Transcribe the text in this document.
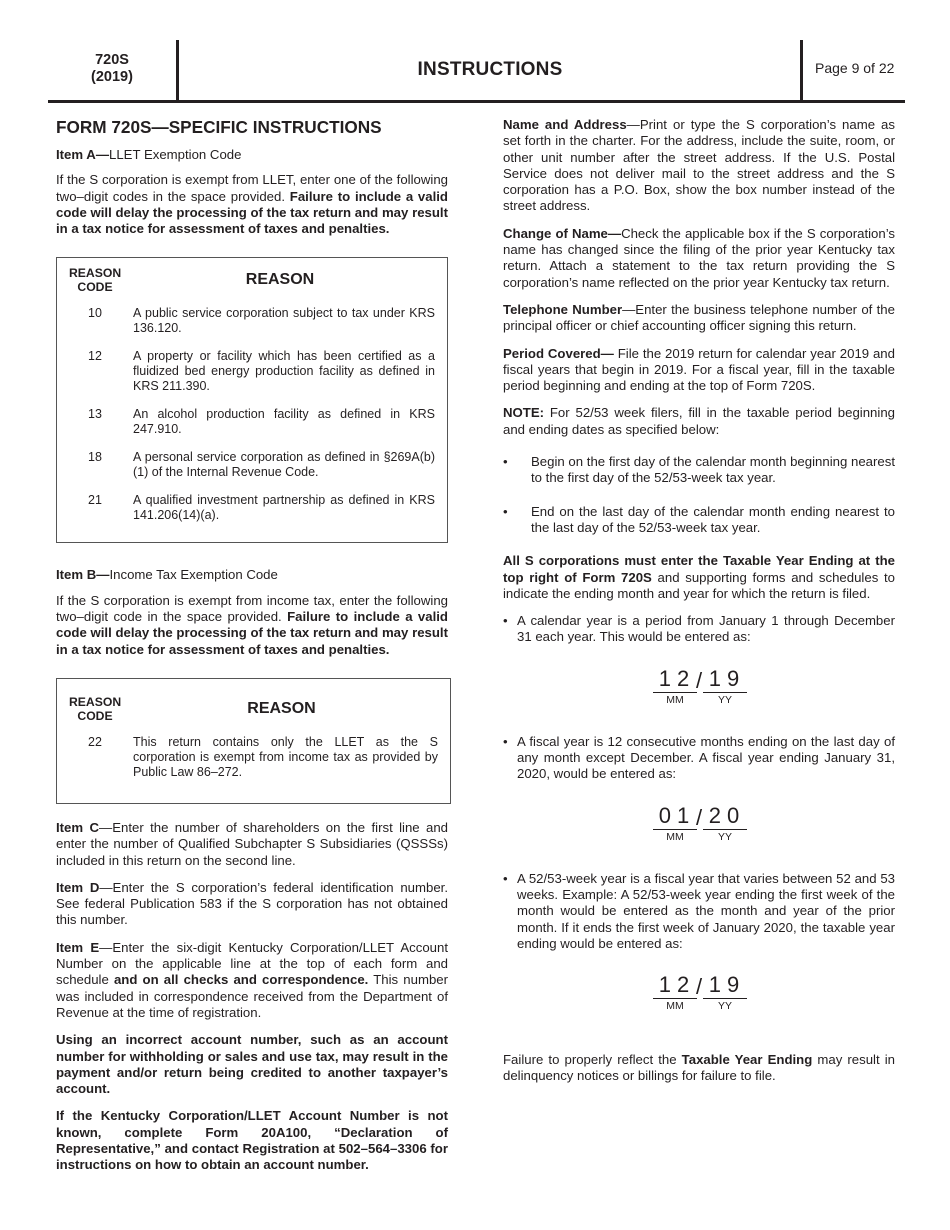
720S
(2019)	INSTRUCTIONS	Page 9 of 22
FORM 720S—SPECIFIC INSTRUCTIONS

Item A—LLET Exemption Code

If the S corporation is exempt from LLET, enter one of the following two–digit codes in the space provided. Failure to include a valid code will delay the processing of the tax return and may result in a tax notice for assessment of taxes and penalties.

REASON CODE	REASON
10	A public service corporation subject to tax under KRS 136.120.
12	A property or facility which has been certified as a fluidized bed energy production facility as defined in KRS 211.390.
13	An alcohol production facility as defined in KRS 247.910.
18	A personal service corporation as defined in §269A(b)(1) of the Internal Revenue Code.
21	A qualified investment partnership as defined in KRS 141.206(14)(a).

Item B—Income Tax Exemption Code

If the S corporation is exempt from income tax, enter the following two–digit code in the space provided. Failure to include a valid code will delay the processing of the tax return and may result in a tax notice for assessment of taxes and penalties.

REASON CODE	REASON
22	This return contains only the LLET as the S corporation is exempt from income tax as provided by Public Law 86–272.

Item C—Enter the number of shareholders on the first line and enter the number of Qualified Subchapter S Subsidiaries (QSSSs) included in this return on the second line.

Item D—Enter the S corporation’s federal identification number. See federal Publication 583 if the S corporation has not obtained this number.

Item E—Enter the six-digit Kentucky Corporation/LLET Account Number on the applicable line at the top of each form and schedule and on all checks and correspondence. This number was included in correspondence received from the Department of Revenue at the time of registration.

Using an incorrect account number, such as an account number for withholding or sales and use tax, may result in the payment and/or return being credited to another taxpayer’s account.

If the Kentucky Corporation/LLET Account Number is not known, complete Form 20A100, “Declaration of Representative,” and contact Registration at 502–564–3306 for instructions on how to obtain an account number.

Name and Address—Print or type the S corporation’s name as set forth in the charter. For the address, include the suite, room, or other unit number after the street address. If the U.S. Postal Service does not deliver mail to the street address and the S corporation has a P.O. Box, show the box number instead of the street address.

Change of Name—Check the applicable box if the S corporation’s name has changed since the filing of the prior year Kentucky tax return. Attach a statement to the tax return providing the S corporation’s name reflected on the prior year Kentucky tax return.

Telephone Number—Enter the business telephone number of the principal officer or chief accounting officer signing this return.

Period Covered— File the 2019 return for calendar year 2019 and fiscal years that begin in 2019. For a fiscal year, fill in the taxable period beginning and ending at the top of Form 720S.

NOTE: For 52/53 week filers, fill in the taxable period beginning and ending dates as specified below:

•	Begin on the first day of the calendar month beginning nearest to the first day of the 52/53-week tax year.
•	End on the last day of the calendar month ending nearest to the last day of the 52/53-week tax year.

All S corporations must enter the Taxable Year Ending at the top right of Form 720S and supporting forms and schedules to indicate the ending month and year for which the return is filed.

• A calendar year is a period from January 1 through December 31 each year. This would be entered as:
12
MM
/ 19
YY
• A fiscal year is 12 consecutive months ending on the last day of any month except December. A fiscal year ending January 31, 2020, would be entered as:
01
MM
/ 20
YY
• A 52/53-week year is a fiscal year that varies between 52 and 53 weeks. Example: A 52/53-week year ending the first week of the month would be entered as the month and year of the prior month. If it ends the first week of January 2020, the taxable year ending would be entered as:
12
MM
/ 19
YY

Failure to properly reflect the Taxable Year Ending may result in delinquency notices or billings for failure to file.
